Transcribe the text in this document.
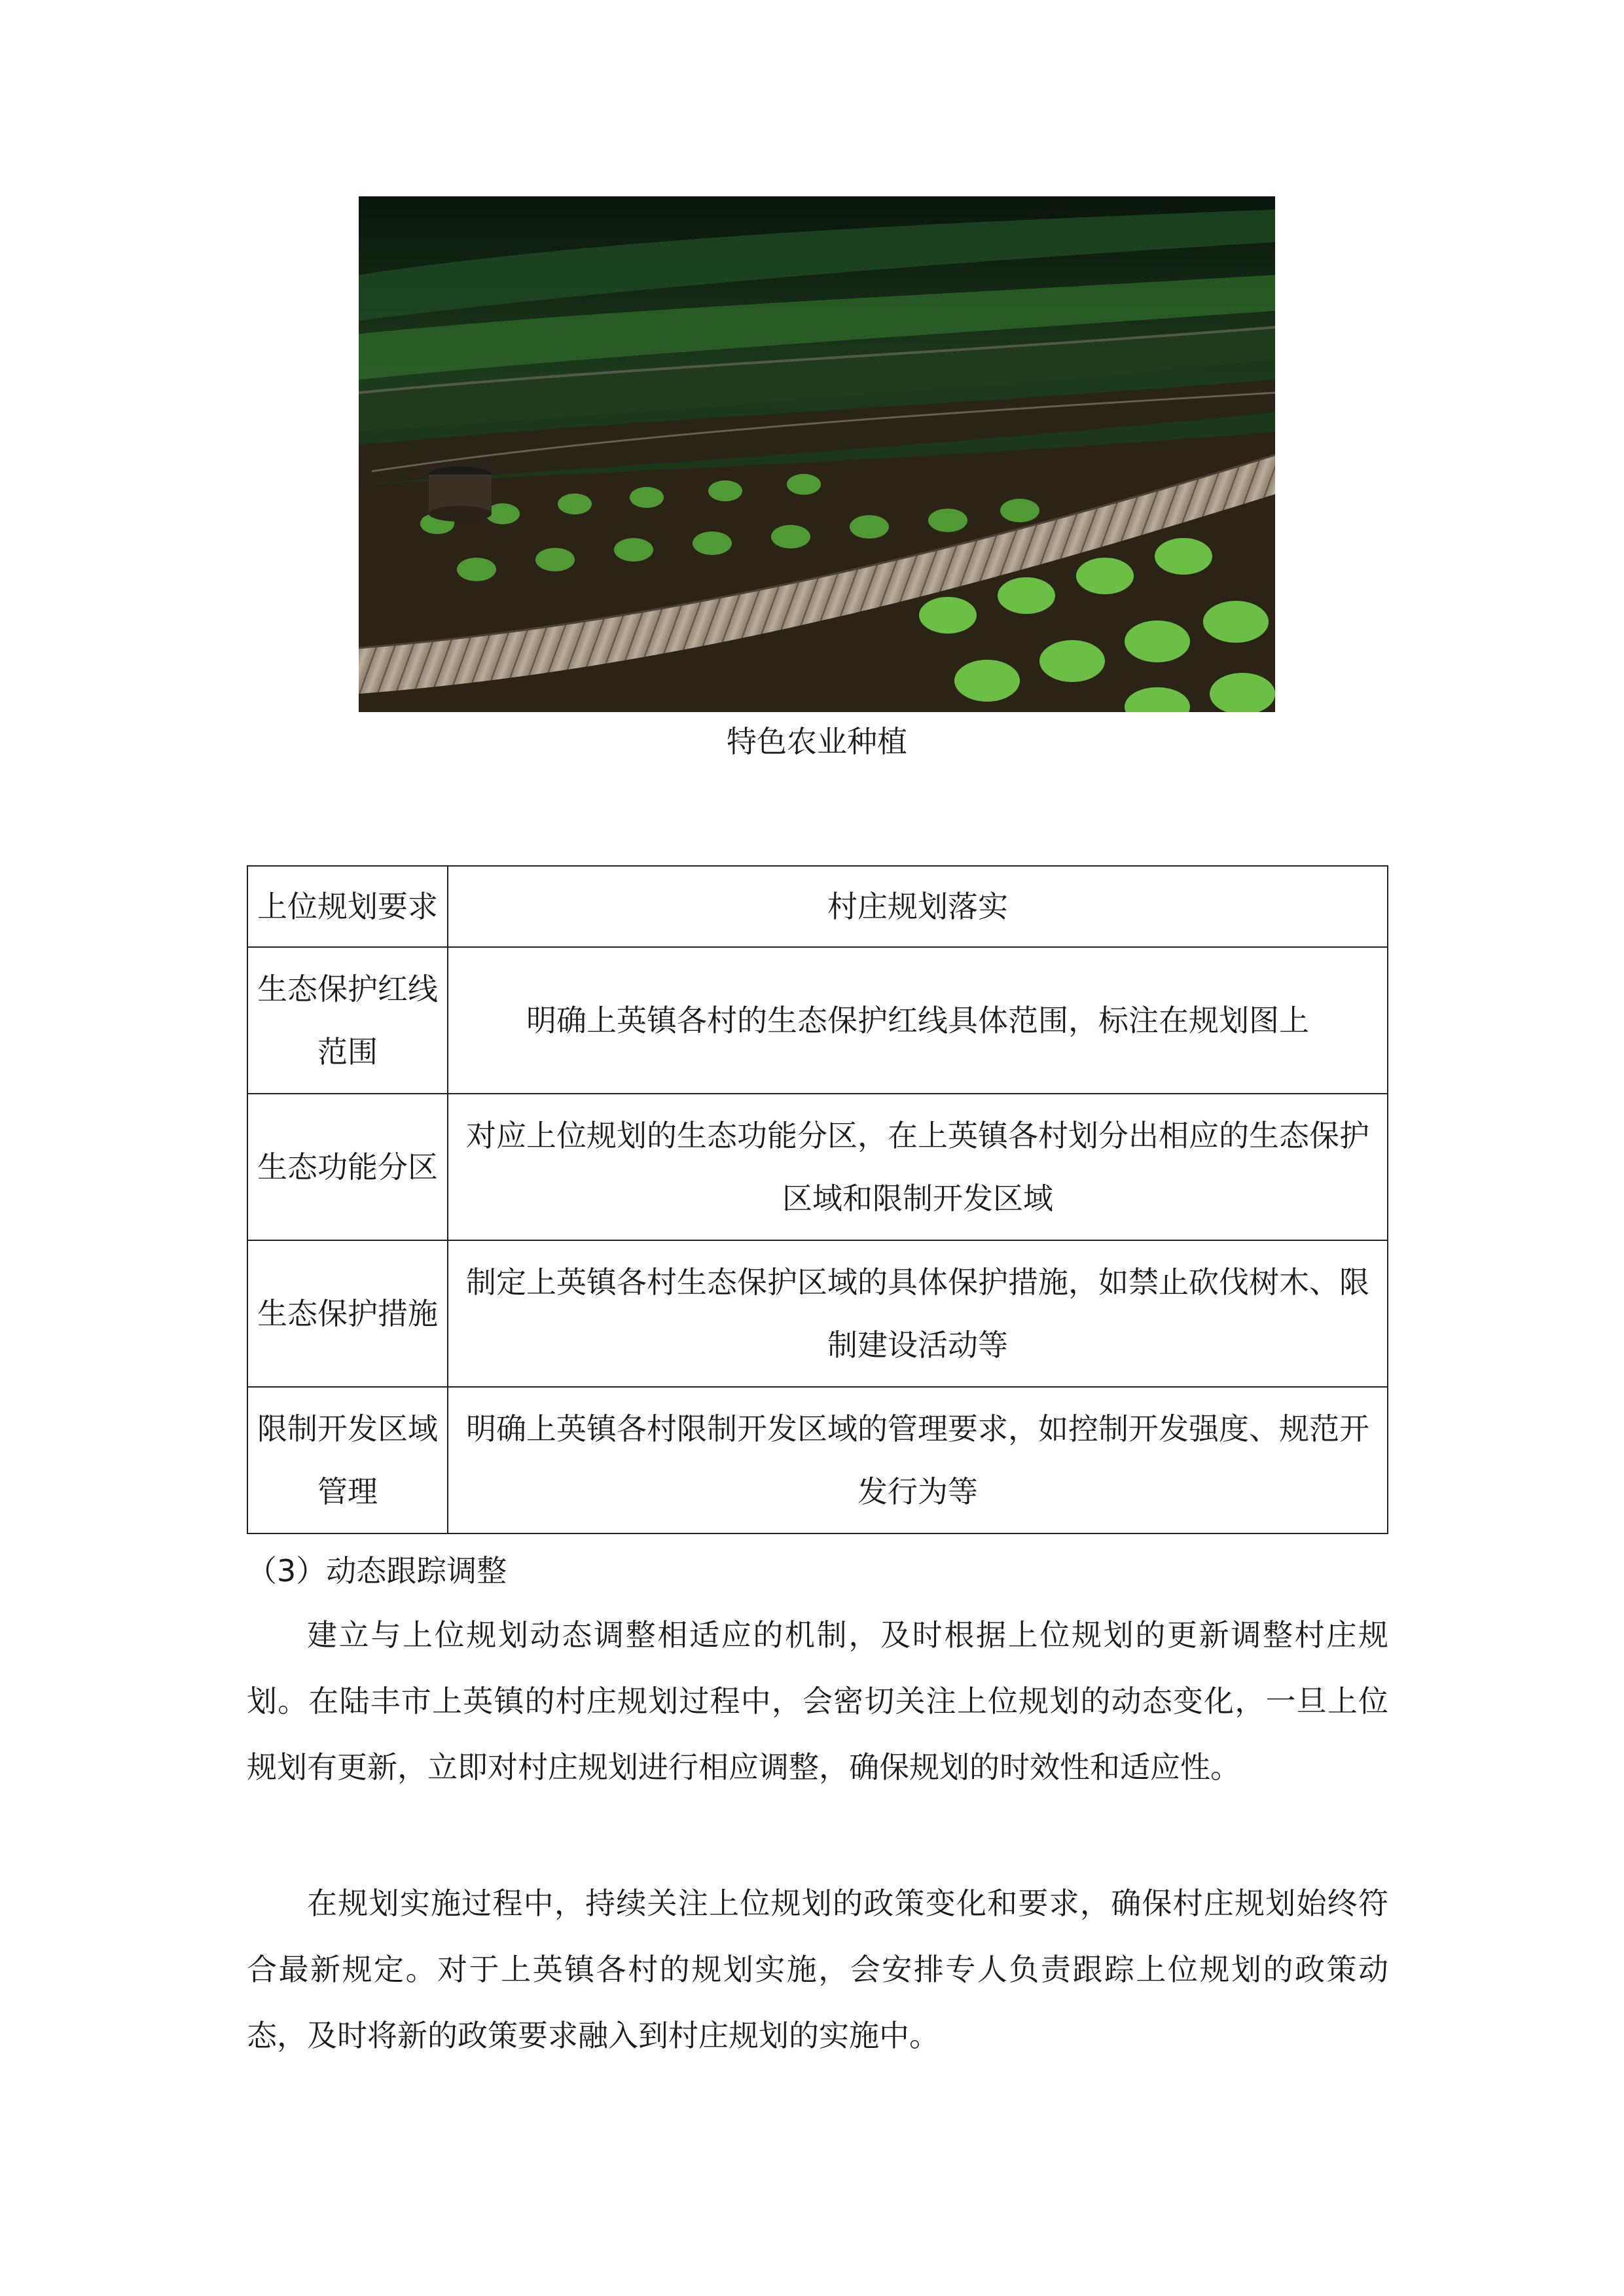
特色农业种植
上位规划要求	村庄规划落实
生态保护红线范围	明确上英镇各村的生态保护红线具体范围，标注在规划图上
生态功能分区	对应上位规划的生态功能分区，在上英镇各村划分出相应的生态保护区域和限制开发区域
生态保护措施	制定上英镇各村生态保护区域的具体保护措施，如禁止砍伐树木、限制建设活动等
限制开发区域管理	明确上英镇各村限制开发区域的管理要求，如控制开发强度、规范开发行为等
（3）动态跟踪调整
建立与上位规划动态调整相适应的机制，及时根据上位规划的更新调整村庄规划。在陆丰市上英镇的村庄规划过程中，会密切关注上位规划的动态变化，一旦上位规划有更新，立即对村庄规划进行相应调整，确保规划的时效性和适应性。
在规划实施过程中，持续关注上位规划的政策变化和要求，确保村庄规划始终符合最新规定。对于上英镇各村的规划实施，会安排专人负责跟踪上位规划的政策动态，及时将新的政策要求融入到村庄规划的实施中。
